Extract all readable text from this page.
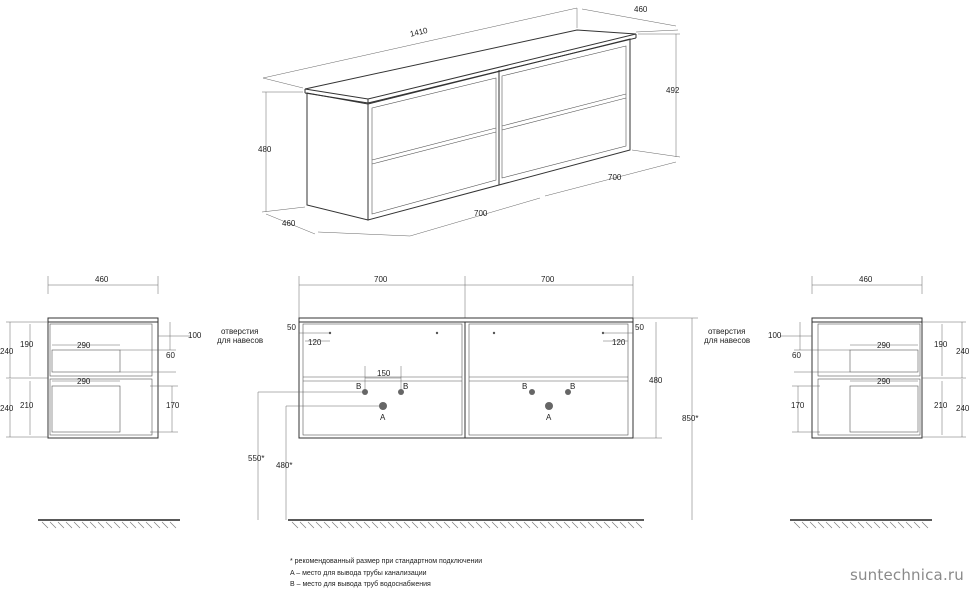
1410
460
492
480
460
700
700
460
290
290
240
240
190
210
100
60
170
700	700
50
120
50
120
отверстия
для навесов
отверстия
для навесов
150
B	B
A
B	B
A
550*
480*
480
850*
460
290
290
240
240
190
210
100
60
170
* рекомендованный размер при стандартном подключении
A – место для вывода трубы канализации
B – место для вывода труб водоснабжения
suntechnica.ru
